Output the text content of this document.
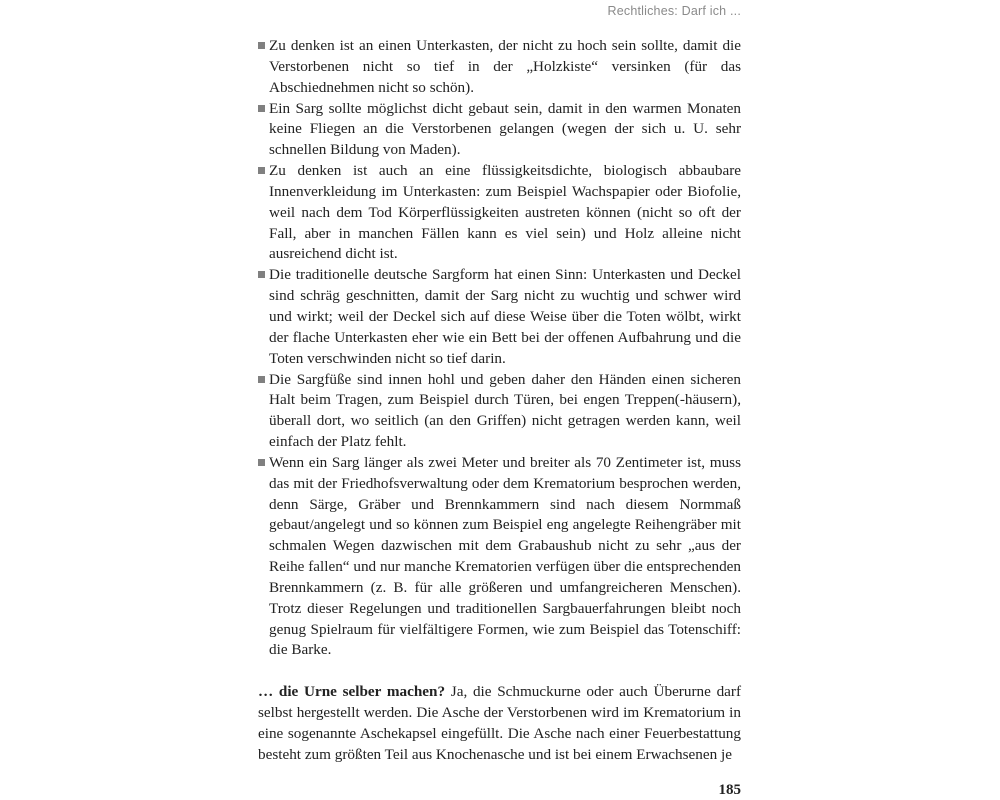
Rechtliches: Darf ich ...
Zu denken ist an einen Unterkasten, der nicht zu hoch sein sollte, damit die Verstorbenen nicht so tief in der „Holzkiste“ versinken (für das Abschiednehmen nicht so schön).
Ein Sarg sollte möglichst dicht gebaut sein, damit in den warmen Monaten keine Fliegen an die Verstorbenen gelangen (wegen der sich u. U. sehr schnellen Bildung von Maden).
Zu denken ist auch an eine flüssigkeitsdichte, biologisch abbaubare Innenverkleidung im Unterkasten: zum Beispiel Wachspapier oder Biofolie, weil nach dem Tod Körperflüssigkeiten austreten können (nicht so oft der Fall, aber in manchen Fällen kann es viel sein) und Holz alleine nicht ausreichend dicht ist.
Die traditionelle deutsche Sargform hat einen Sinn: Unterkasten und Deckel sind schräg geschnitten, damit der Sarg nicht zu wuchtig und schwer wird und wirkt; weil der Deckel sich auf diese Weise über die Toten wölbt, wirkt der flache Unterkasten eher wie ein Bett bei der offenen Aufbahrung und die Toten verschwinden nicht so tief darin.
Die Sargfüße sind innen hohl und geben daher den Händen einen sicheren Halt beim Tragen, zum Beispiel durch Türen, bei engen Treppen(-häusern), überall dort, wo seitlich (an den Griffen) nicht getragen werden kann, weil einfach der Platz fehlt.
Wenn ein Sarg länger als zwei Meter und breiter als 70 Zentimeter ist, muss das mit der Friedhofsverwaltung oder dem Krematorium besprochen werden, denn Särge, Gräber und Brennkammern sind nach diesem Normmaß gebaut/angelegt und so können zum Beispiel eng angelegte Reihengräber mit schmalen Wegen dazwischen mit dem Grabaushub nicht zu sehr „aus der Reihe fallen“ und nur manche Krematorien verfügen über die entsprechenden Brennkammern (z. B. für alle größeren und umfangreicheren Menschen). Trotz dieser Regelungen und traditionellen Sargbauerfahrungen bleibt noch genug Spielraum für vielfältigere Formen, wie zum Beispiel das Totenschiff: die Barke.

… die Urne selber machen? Ja, die Schmuckurne oder auch Überurne darf selbst hergestellt werden. Die Asche der Verstorbenen wird im Krematorium in eine sogenannte Aschekapsel eingefüllt. Die Asche nach einer Feuerbestattung besteht zum größten Teil aus Knochenasche und ist bei einem Erwachsenen je

185
